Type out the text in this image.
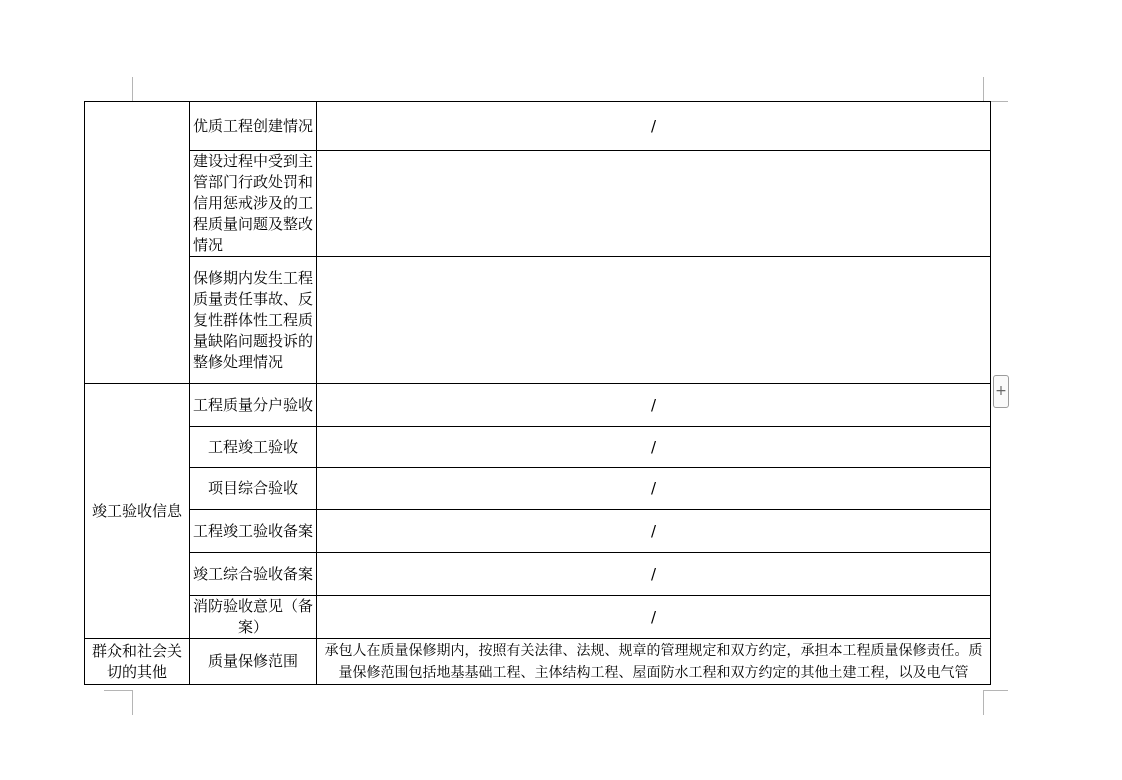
	优质工程创建情况	/
	建设过程中受到主管部门行政处罚和信用惩戒涉及的工程质量问题及整改情况	
	保修期内发生工程质量责任事故、反复性群体性工程质量缺陷问题投诉的整修处理情况	
竣工验收信息	工程质量分户验收	/
	工程竣工验收	/
	项目综合验收	/
	工程竣工验收备案	/
	竣工综合验收备案	/
	消防验收意见（备案）	/
群众和社会关切的其他	质量保修范围	承包人在质量保修期内，按照有关法律、法规、规章的管理规定和双方约定，承担本工程质量保修责任。质量保修范围包括地基基础工程、主体结构工程、屋面防水工程和双方约定的其他土建工程，以及电气管
+
